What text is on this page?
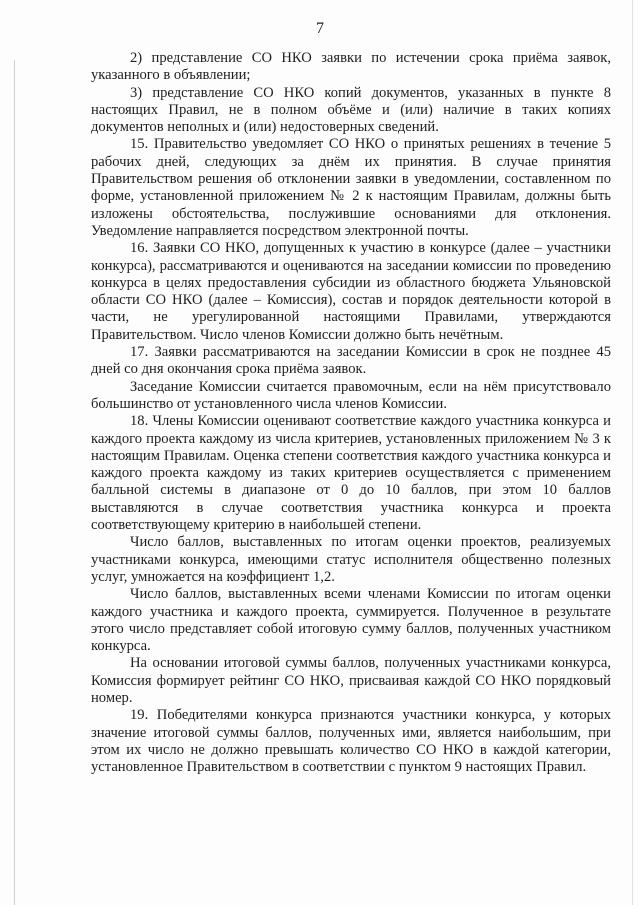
7

2) представление СО НКО заявки по истечении срока приёма заявок, указанного в объявлении;

3) представление СО НКО копий документов, указанных в пункте 8 настоящих Правил, не в полном объёме и (или) наличие в таких копиях документов неполных и (или) недостоверных сведений.

15. Правительство уведомляет СО НКО о принятых решениях в течение 5 рабочих дней, следующих за днём их принятия. В случае принятия Правительством решения об отклонении заявки в уведомлении, составленном по форме, установленной приложением № 2 к настоящим Правилам, должны быть изложены обстоятельства, послужившие основаниями для отклонения. Уведомление направляется посредством электронной почты.

16. Заявки СО НКО, допущенных к участию в конкурсе (далее – участники конкурса), рассматриваются и оцениваются на заседании комиссии по проведению конкурса в целях предоставления субсидии из областного бюджета Ульяновской области СО НКО (далее – Комиссия), состав и порядок деятельности которой в части, не урегулированной настоящими Правилами, утверждаются Правительством. Число членов Комиссии должно быть нечётным.

17. Заявки рассматриваются на заседании Комиссии в срок не позднее 45 дней со дня окончания срока приёма заявок.

Заседание Комиссии считается правомочным, если на нём присутствовало большинство от установленного числа членов Комиссии.

18. Члены Комиссии оценивают соответствие каждого участника конкурса и каждого проекта каждому из числа критериев, установленных приложением № 3 к настоящим Правилам. Оценка степени соответствия каждого участника конкурса и каждого проекта каждому из таких критериев осуществляется с применением балльной системы в диапазоне от 0 до 10 баллов, при этом 10 баллов выставляются в случае соответствия участника конкурса и проекта соответствующему критерию в наибольшей степени.

Число баллов, выставленных по итогам оценки проектов, реализуемых участниками конкурса, имеющими статус исполнителя общественно полезных услуг, умножается на коэффициент 1,2.

Число баллов, выставленных всеми членами Комиссии по итогам оценки каждого участника и каждого проекта, суммируется. Полученное в результате этого число представляет собой итоговую сумму баллов, полученных участником конкурса.

На основании итоговой суммы баллов, полученных участниками конкурса, Комиссия формирует рейтинг СО НКО, присваивая каждой СО НКО порядковый номер.

19. Победителями конкурса признаются участники конкурса, у которых значение итоговой суммы баллов, полученных ими, является наибольшим, при этом их число не должно превышать количество СО НКО в каждой категории, установленное Правительством в соответствии с пунктом 9 настоящих Правил.
